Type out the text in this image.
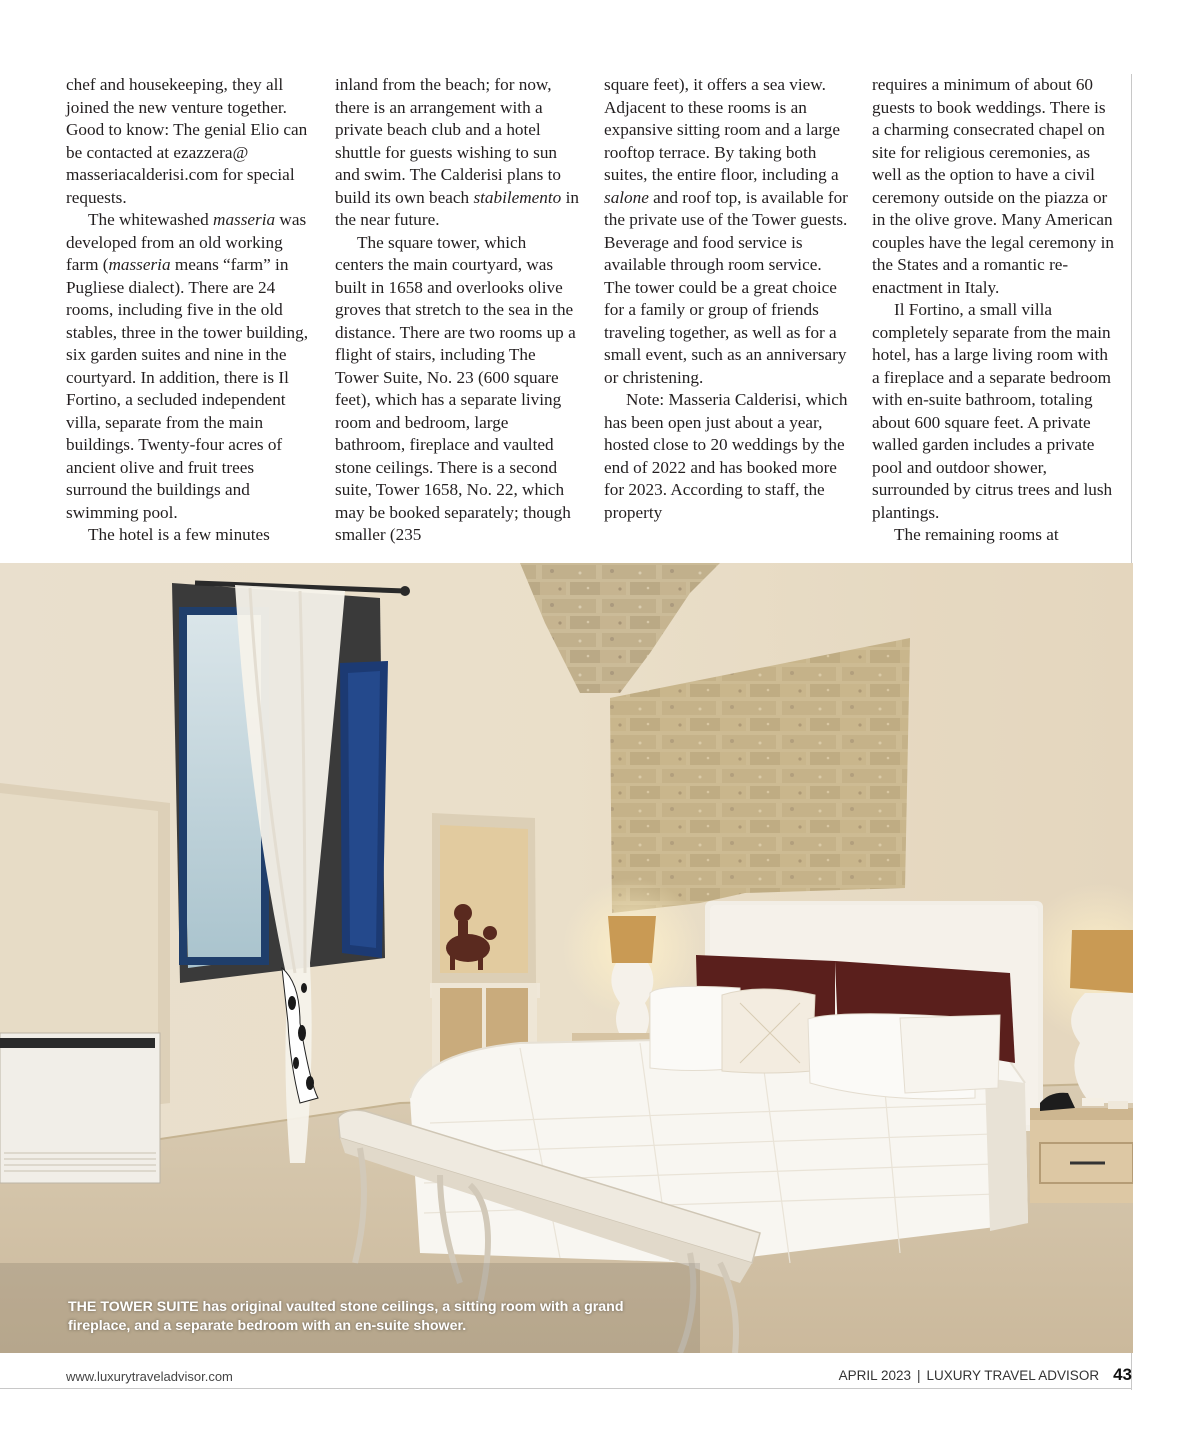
chef and housekeeping, they all joined the new venture together. Good to know: The genial Elio can be contacted at ezazzera@ masseriacalderisi.com for special requests.

The whitewashed masseria was developed from an old working farm (masseria means “farm” in Pugliese dialect). There are 24 rooms, including five in the old stables, three in the tower building, six garden suites and nine in the courtyard. In addition, there is Il Fortino, a secluded independent villa, separate from the main buildings. Twenty-four acres of ancient olive and fruit trees surround the buildings and swimming pool.

The hotel is a few minutes

inland from the beach; for now, there is an arrangement with a private beach club and a hotel shuttle for guests wishing to sun and swim. The Calderisi plans to build its own beach stabilemento in the near future.

The square tower, which centers the main courtyard, was built in 1658 and overlooks olive groves that stretch to the sea in the distance. There are two rooms up a flight of stairs, including The Tower Suite, No. 23 (600 square feet), which has a separate living room and bedroom, large bathroom, fireplace and vaulted stone ceilings. There is a second suite, Tower 1658, No. 22, which may be booked separately; though smaller (235

square feet), it offers a sea view. Adjacent to these rooms is an expansive sitting room and a large rooftop terrace. By taking both suites, the entire floor, including a salone and roof top, is available for the private use of the Tower guests. Beverage and food service is available through room service. The tower could be a great choice for a family or group of friends traveling together, as well as for a small event, such as an anniversary or christening.

Note: Masseria Calderisi, which has been open just about a year, hosted close to 20 weddings by the end of 2022 and has booked more for 2023. According to staff, the property

requires a minimum of about 60 guests to book weddings. There is a charming consecrated chapel on site for religious ceremonies, as well as the option to have a civil ceremony outside on the piazza or in the olive grove. Many American couples have the legal ceremony in the States and a romantic re-enactment in Italy.

Il Fortino, a small villa completely separate from the main hotel, has a large living room with a fireplace and a separate bedroom with en-suite bathroom, totaling about 600 square feet. A private walled garden includes a private pool and outdoor shower, surrounded by citrus trees and lush plantings.

The remaining rooms at

THE TOWER SUITE has original vaulted stone ceilings, a sitting room with a grand fireplace, and a separate bedroom with an en-suite shower.
www.luxurytraveladvisor.com	APRIL 2023 | LUXURY TRAVEL ADVISOR 43
